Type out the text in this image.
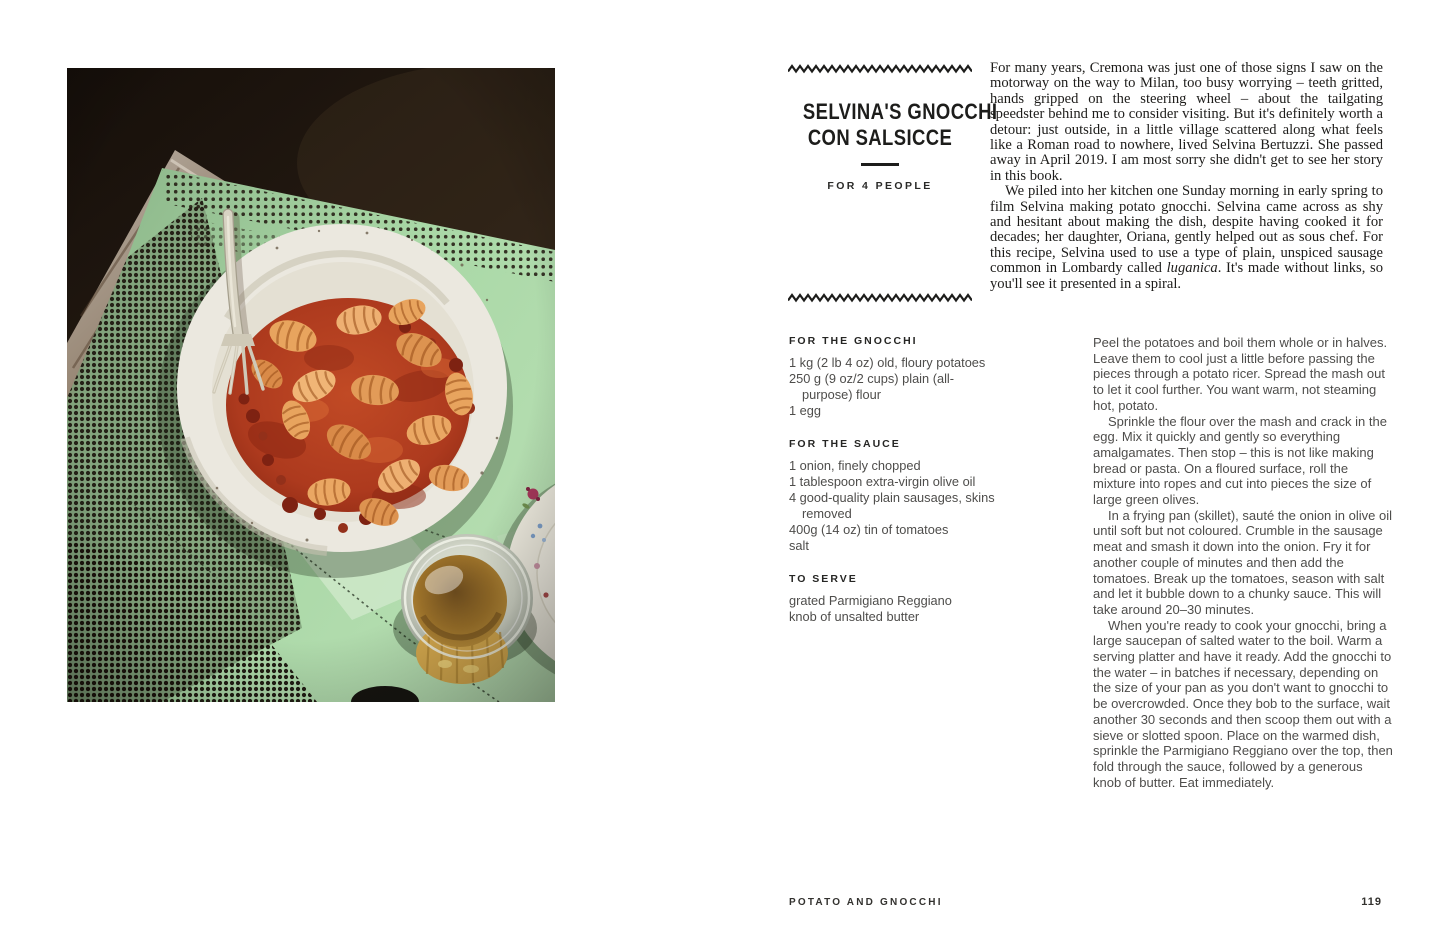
SELVINA'S GNOCCHI
CON SALSICCE
FOR 4 PEOPLE
For many years, Cremona was just one of those signs I saw on the motorway on the way to Milan, too busy worrying – teeth gritted, hands gripped on the steering wheel – about the tailgating speedster behind me to consider visiting. But it's definitely worth a detour: just outside, in a little village scattered along what feels like a Roman road to nowhere, lived Selvina Bertuzzi. She passed away in April 2019. I am most sorry she didn't get to see her story in this book.
We piled into her kitchen one Sunday morning in early spring to film Selvina making potato gnocchi. Selvina came across as shy and hesitant about making the dish, despite having cooked it for decades; her daughter, Oriana, gently helped out as sous chef. For this recipe, Selvina used to use a type of plain, unspiced sausage common in Lombardy called luganica. It's made without links, so you'll see it presented in a spiral.
FOR THE GNOCCHI
1 kg (2 lb 4 oz) old, floury potatoes
250 g (9 oz/2 cups) plain (all-purpose) flour
1 egg
FOR THE SAUCE
1 onion, finely chopped
1 tablespoon extra-virgin olive oil
4 good-quality plain sausages, skins removed
400g (14 oz) tin of tomatoes
salt
TO SERVE
grated Parmigiano Reggiano
knob of unsalted butter
Peel the potatoes and boil them whole or in halves. Leave them to cool just a little before passing the pieces through a potato ricer. Spread the mash out to let it cool further. You want warm, not steaming hot, potato.
Sprinkle the flour over the mash and crack in the egg. Mix it quickly and gently so everything amalgamates. Then stop – this is not like making bread or pasta. On a floured surface, roll the mixture into ropes and cut into pieces the size of large green olives.
In a frying pan (skillet), sauté the onion in olive oil until soft but not coloured. Crumble in the sausage meat and smash it down into the onion. Fry it for another couple of minutes and then add the tomatoes. Break up the tomatoes, season with salt and let it bubble down to a chunky sauce. This will take around 20–30 minutes.
When you're ready to cook your gnocchi, bring a large saucepan of salted water to the boil. Warm a serving platter and have it ready. Add the gnocchi to the water – in batches if necessary, depending on the size of your pan as you don't want to gnocchi to be overcrowded. Once they bob to the surface, wait another 30 seconds and then scoop them out with a sieve or slotted spoon. Place on the warmed dish, sprinkle the Parmigiano Reggiano over the top, then fold through the sauce, followed by a generous knob of butter. Eat immediately.
POTATO AND GNOCCHI	119
